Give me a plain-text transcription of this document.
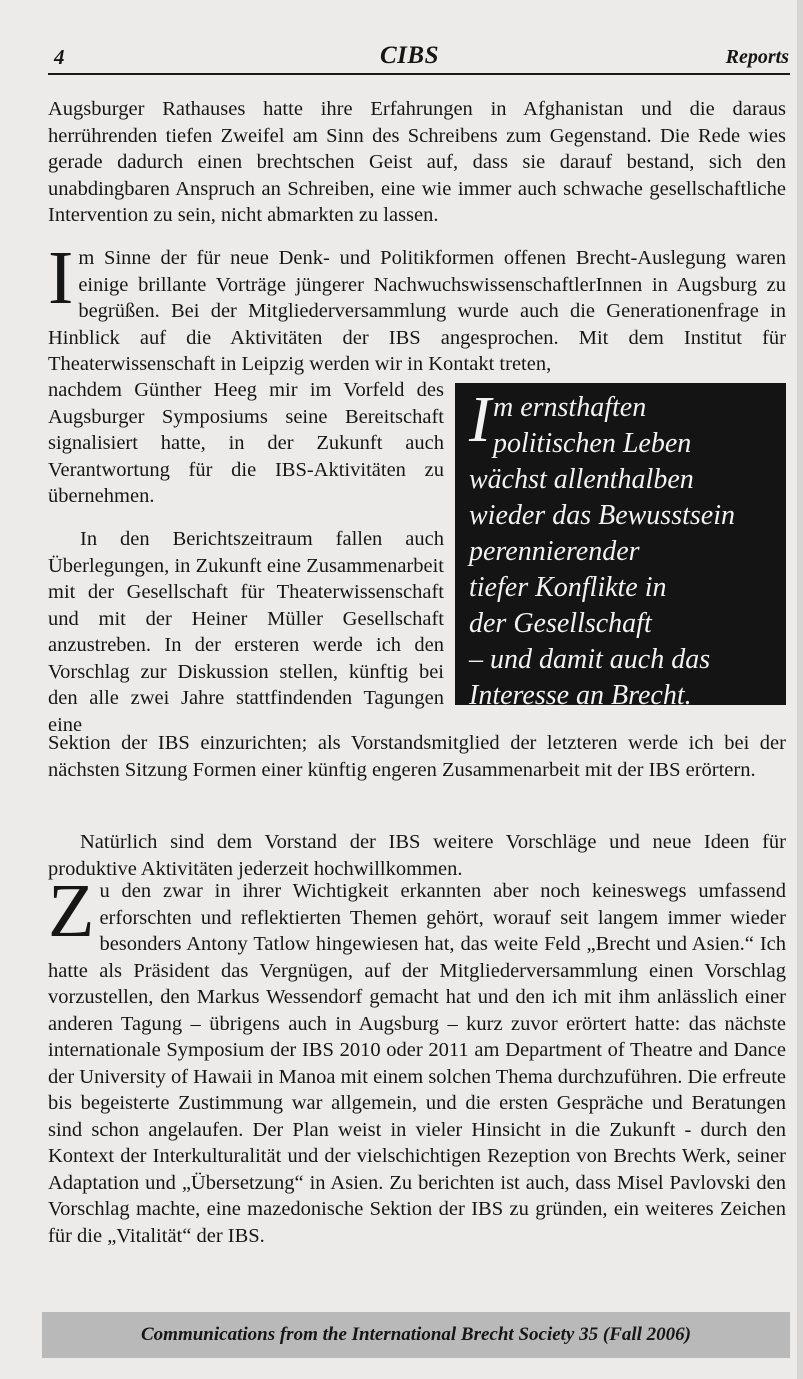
4	CIBS	Reports

Augsburger Rathauses hatte ihre Erfahrungen in Afghanistan und die daraus herrührenden tiefen Zweifel am Sinn des Schreibens zum Gegenstand. Die Rede wies gerade dadurch einen brechtschen Geist auf, dass sie darauf bestand, sich den unabdingbaren Anspruch an Schreiben, eine wie immer auch schwache gesellschaftliche Intervention zu sein, nicht abmarkten zu lassen.

Im Sinne der für neue Denk- und Politikformen offenen Brecht-Auslegung waren einige brillante Vorträge jüngerer NachwuchswissenschaftlerInnen in Augsburg zu begrüßen. Bei der Mitgliederversammlung wurde auch die Generationenfrage in Hinblick auf die Aktivitäten der IBS angesprochen. Mit dem Institut für Theaterwissenschaft in Leipzig werden wir in Kontakt treten,

nachdem Günther Heeg mir im Vorfeld des Augsburger Symposiums seine Bereitschaft signalisiert hatte, in der Zukunft auch Verantwortung für die IBS-Aktivitäten zu übernehmen.

In den Berichtszeitraum fallen auch Überlegungen, in Zukunft eine Zusammenarbeit mit der Gesellschaft für Theaterwissenschaft und mit der Heiner Müller Gesellschaft anzustreben. In der ersteren werde ich den Vorschlag zur Diskussion stellen, künftig bei den alle zwei Jahre stattfindenden Tagungen eine

Sektion der IBS einzurichten; als Vorstandsmitglied der letzteren werde ich bei der nächsten Sitzung Formen einer künftig engeren Zusammenarbeit mit der IBS erörtern.

Natürlich sind dem Vorstand der IBS weitere Vorschläge und neue Ideen für produktive Aktivitäten jederzeit hochwillkommen.

Zu den zwar in ihrer Wichtigkeit erkannten aber noch keineswegs umfassend erforschten und reflektierten Themen gehört, worauf seit langem immer wieder besonders Antony Tatlow hingewiesen hat, das weite Feld „Brecht und Asien.“ Ich hatte als Präsident das Vergnügen, auf der Mitgliederversammlung einen Vorschlag vorzustellen, den Markus Wessendorf gemacht hat und den ich mit ihm anlässlich einer anderen Tagung – übrigens auch in Augsburg – kurz zuvor erörtert hatte: das nächste internationale Symposium der IBS 2010 oder 2011 am Department of Theatre and Dance der University of Hawaii in Manoa mit einem solchen Thema durchzuführen. Die erfreute bis begeisterte Zustimmung war allgemein, und die ersten Gespräche und Beratungen sind schon angelaufen. Der Plan weist in vieler Hinsicht in die Zukunft - durch den Kontext der Interkulturalität und der vielschichtigen Rezeption von Brechts Werk, seiner Adaptation und „Übersetzung“ in Asien. Zu berichten ist auch, dass Misel Pavlovski den Vorschlag machte, eine mazedonische Sektion der IBS zu gründen, ein weiteres Zeichen für die „Vitalität“ der IBS.

I m ernsthaften
politischen Leben
wächst allenthalben
wieder das Bewusstsein
perennierender
tiefer Konflikte in
der Gesellschaft
– und damit auch das
Interesse an Brecht.
Communications from the International Brecht Society 35 (Fall 2006)
